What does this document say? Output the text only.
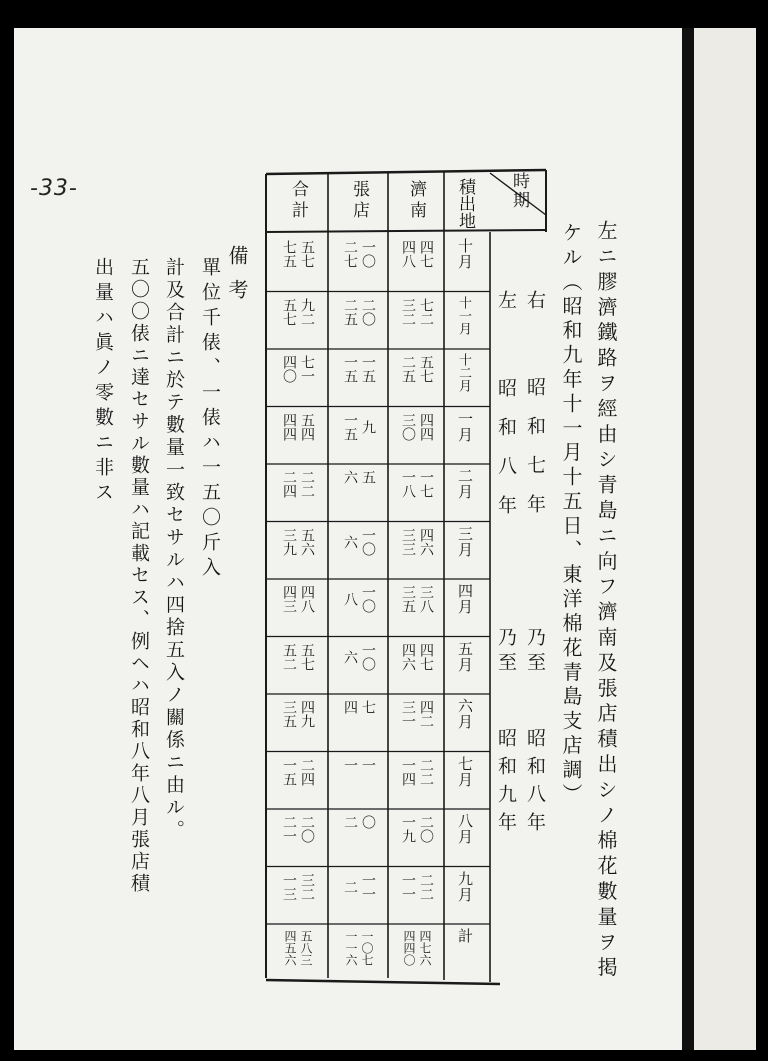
-33-
左ニ膠濟鐵路ヲ經由シ青島ニ向フ濟南及張店積出シノ棉花數量ヲ掲
ケル（昭和九年十一月十五日、東洋棉花青島支店調）
右
昭和七年
乃至
昭和八年
左
昭和八年
乃至
昭和九年
積出地 時期
濟南
張店
合計
十月
四七
四八
一〇
二七
五七
七五
十一月
七二
三二
二〇
二五
九二
五七
十二月
五七
二五
一五
一五
七一
四〇
一月
四四
三〇
九
一五
五四
四四
二月
一七
一八
五
六
二二
二四
三月
四六
三三
一〇
六
五六
三九
四月
三八
三五
一〇
八
四八
四三
五月
四七
四六
一〇
六
五七
五二
六月
四二
三一
七
四
四九
三五
七月
二二
一四
一
一
二四
一五
八月
二〇
一九
〇
二
二〇
二一
九月
二二
一一
一一
二
三二
一三
計
四七六
四四〇
一〇七
一一六
五八三
四五六
備考
單位千俵、一俵ハ一五〇斤入
計及合計ニ於テ數量一致セサルハ四捨五入ノ關係ニ由ル。
五〇〇俵ニ達セサル數量ハ記載セス、例ヘハ昭和八年八月張店積
出量ハ眞ノ零數ニ非ス
